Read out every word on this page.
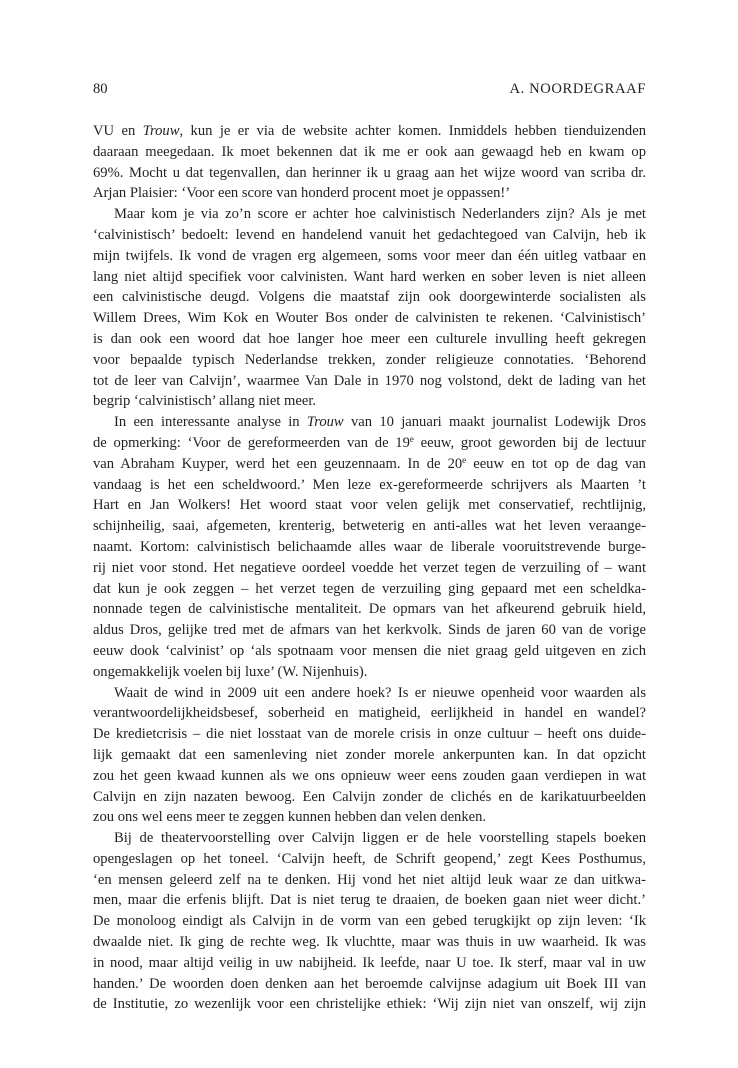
80	A. NOORDEGRAAF
VU en Trouw, kun je er via de website achter komen. Inmiddels hebben tienduizenden
daaraan meegedaan. Ik moet bekennen dat ik me er ook aan gewaagd heb en kwam op
69%. Mocht u dat tegenvallen, dan herinner ik u graag aan het wijze woord van scriba dr.
Arjan Plaisier: ‘Voor een score van honderd procent moet je oppassen!’
Maar kom je via zo’n score er achter hoe calvinistisch Nederlanders zijn? Als je met
‘calvinistisch’ bedoelt: levend en handelend vanuit het gedachtegoed van Calvijn, heb ik
mijn twijfels. Ik vond de vragen erg algemeen, soms voor meer dan één uitleg vatbaar en
lang niet altijd specifiek voor calvinisten. Want hard werken en sober leven is niet alleen
een calvinistische deugd. Volgens die maatstaf zijn ook doorgewinterde socialisten als
Willem Drees, Wim Kok en Wouter Bos onder de calvinisten te rekenen. ‘Calvinistisch’
is dan ook een woord dat hoe langer hoe meer een culturele invulling heeft gekregen
voor bepaalde typisch Nederlandse trekken, zonder religieuze connotaties. ‘Behorend
tot de leer van Calvijn’, waarmee Van Dale in 1970 nog volstond, dekt de lading van het
begrip ‘calvinistisch’ allang niet meer.
In een interessante analyse in Trouw van 10 januari maakt journalist Lodewijk Dros
de opmerking: ‘Voor de gereformeerden van de 19e eeuw, groot geworden bij de lectuur
van Abraham Kuyper, werd het een geuzennaam. In de 20e eeuw en tot op de dag van
vandaag is het een scheldwoord.’ Men leze ex-gereformeerde schrijvers als Maarten ’t
Hart en Jan Wolkers! Het woord staat voor velen gelijk met conservatief, rechtlijnig,
schijnheilig, saai, afgemeten, krenterig, betweterig en anti-alles wat het leven veraange-
naamt. Kortom: calvinistisch belichaamde alles waar de liberale vooruitstrevende burge-
rij niet voor stond. Het negatieve oordeel voedde het verzet tegen de verzuiling of – want
dat kun je ook zeggen – het verzet tegen de verzuiling ging gepaard met een scheldka-
nonnade tegen de calvinistische mentaliteit. De opmars van het afkeurend gebruik hield,
aldus Dros, gelijke tred met de afmars van het kerkvolk. Sinds de jaren 60 van de vorige
eeuw dook ‘calvinist’ op ‘als spotnaam voor mensen die niet graag geld uitgeven en zich
ongemakkelijk voelen bij luxe’ (W. Nijenhuis).
Waait de wind in 2009 uit een andere hoek? Is er nieuwe openheid voor waarden als
verantwoordelijkheidsbesef, soberheid en matigheid, eerlijkheid in handel en wandel?
De kredietcrisis – die niet losstaat van de morele crisis in onze cultuur – heeft ons duide-
lijk gemaakt dat een samenleving niet zonder morele ankerpunten kan. In dat opzicht
zou het geen kwaad kunnen als we ons opnieuw weer eens zouden gaan verdiepen in wat
Calvijn en zijn nazaten bewoog. Een Calvijn zonder de clichés en de karikatuurbeelden
zou ons wel eens meer te zeggen kunnen hebben dan velen denken.
Bij de theatervoorstelling over Calvijn liggen er de hele voorstelling stapels boeken
opengeslagen op het toneel. ‘Calvijn heeft, de Schrift geopend,’ zegt Kees Posthumus,
‘en mensen geleerd zelf na te denken. Hij vond het niet altijd leuk waar ze dan uitkwa-
men, maar die erfenis blijft. Dat is niet terug te draaien, de boeken gaan niet weer dicht.’
De monoloog eindigt als Calvijn in de vorm van een gebed terugkijkt op zijn leven: ‘Ik
dwaalde niet. Ik ging de rechte weg. Ik vluchtte, maar was thuis in uw waarheid. Ik was
in nood, maar altijd veilig in uw nabijheid. Ik leefde, naar U toe. Ik sterf, maar val in uw
handen.’ De woorden doen denken aan het beroemde calvijnse adagium uit Boek III van
de Institutie, zo wezenlijk voor een christelijke ethiek: ‘Wij zijn niet van onszelf, wij zijn
